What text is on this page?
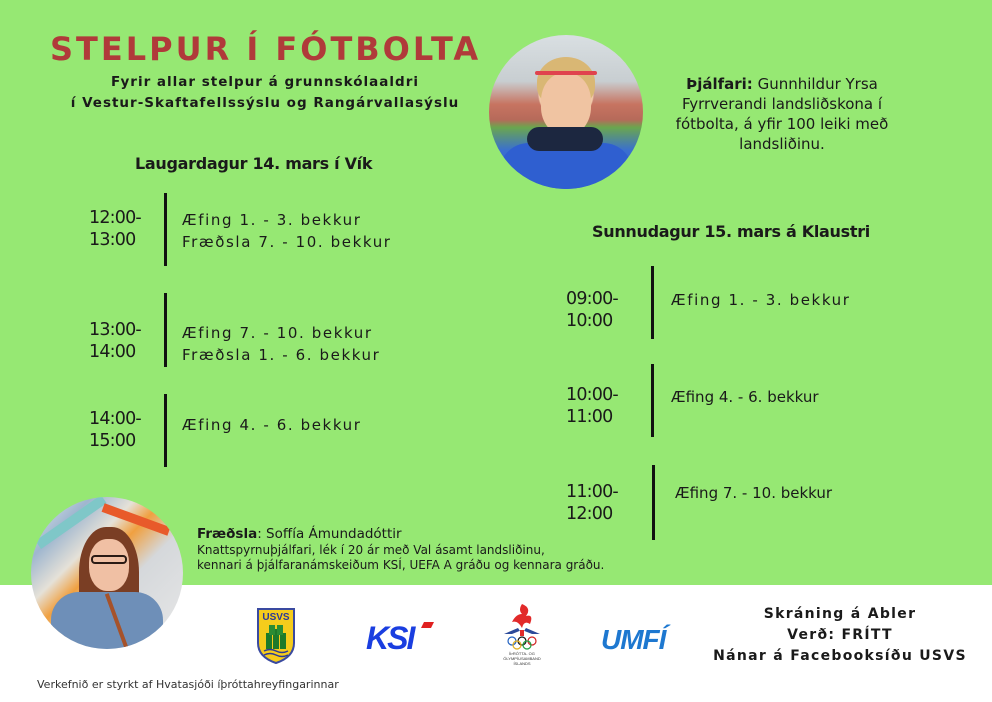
STELPUR Í FÓTBOLTA
Fyrir allar stelpur á grunnskólaaldri
í Vestur-Skaftafellssýslu og Rangárvallasýslu
Þjálfari: Gunnhildur Yrsa
Fyrrverandi landsliðskona í fótbolta, á yfir 100 leiki með landsliðinu.
Laugardagur 14. mars í Vík
12:00-
13:00
Æfing 1. - 3. bekkur
Fræðsla 7. - 10. bekkur
13:00-
14:00
Æfing 7. - 10. bekkur
Fræðsla 1. - 6. bekkur
14:00-
15:00
Æfing 4. - 6. bekkur
Sunnudagur 15. mars á Klaustri
09:00-
10:00
Æfing 1. - 3. bekkur
10:00-
11:00
Æfing 4. - 6. bekkur
11:00-
12:00
Æfing 7. - 10. bekkur
Fræðsla: Soffía Ámundadóttir
Knattspyrnuþjálfari, lék í 20 ár með Val ásamt landsliðinu,
kennari á þjálfaranámskeiðum KSÍ, UEFA A gráðu og kennara gráðu.
USVS
KSI	ÍÞRÓTTA- OG
ÓLYMPÍUSAMBAND
ÍSLANDS
UMFÍ
Skráning á Abler
Verð: FRÍTT
Nánar á Facebooksíðu USVS
Verkefnið er styrkt af Hvatasjóði íþróttahreyfingarinnar
